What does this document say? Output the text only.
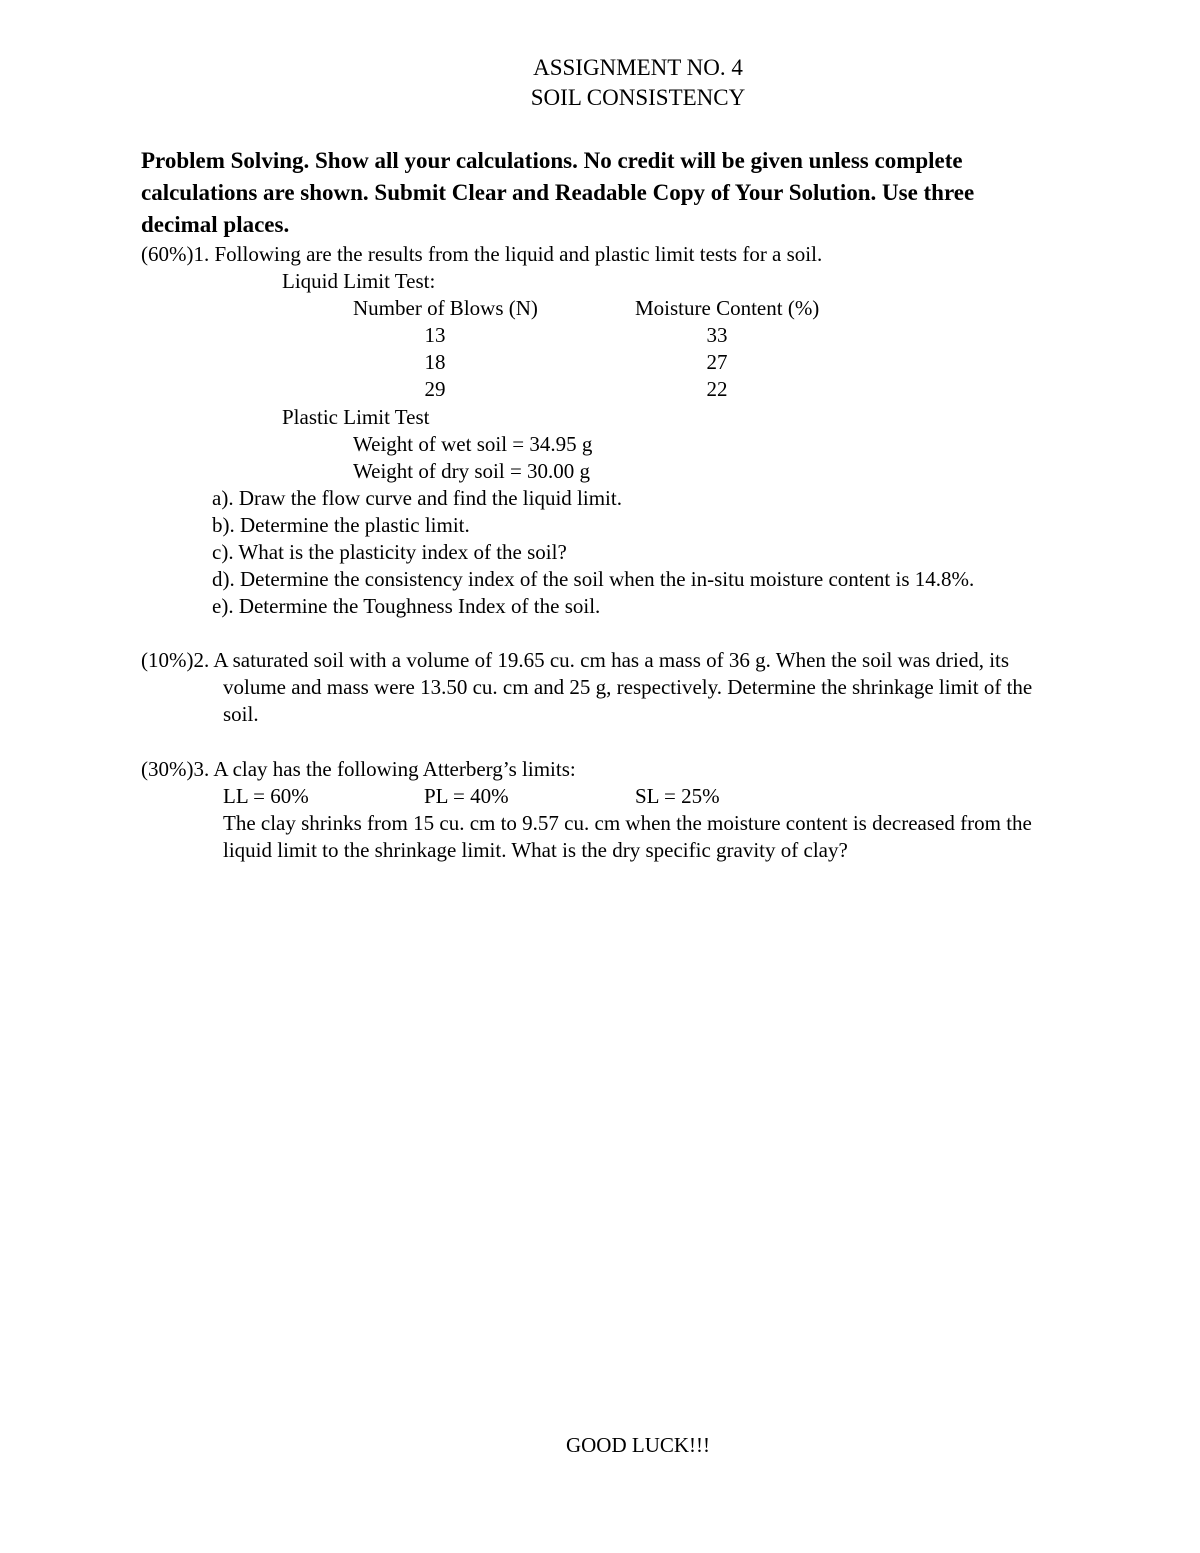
ASSIGNMENT NO. 4
SOIL CONSISTENCY
Problem Solving. Show all your calculations. No credit will be given unless complete
calculations are shown. Submit Clear and Readable Copy of Your Solution. Use three
decimal places.
(60%)1. Following are the results from the liquid and plastic limit tests for a soil.
Liquid Limit Test:
Number of Blows (N)	Moisture Content (%)
13	33
18	27
29	22
Plastic Limit Test
Weight of wet soil = 34.95 g
Weight of dry soil = 30.00 g
a). Draw the flow curve and find the liquid limit.
b). Determine the plastic limit.
c). What is the plasticity index of the soil?
d). Determine the consistency index of the soil when the in-situ moisture content is 14.8%.
e). Determine the Toughness Index of the soil.
(10%)2. A saturated soil with a volume of 19.65 cu. cm has a mass of 36 g. When the soil was dried, its
volume and mass were 13.50 cu. cm and 25 g, respectively. Determine the shrinkage limit of the
soil.
(30%)3. A clay has the following Atterberg’s limits:
LL = 60%	PL = 40%	SL = 25%
The clay shrinks from 15 cu. cm to 9.57 cu. cm when the moisture content is decreased from the
liquid limit to the shrinkage limit. What is the dry specific gravity of clay?
GOOD LUCK!!!
